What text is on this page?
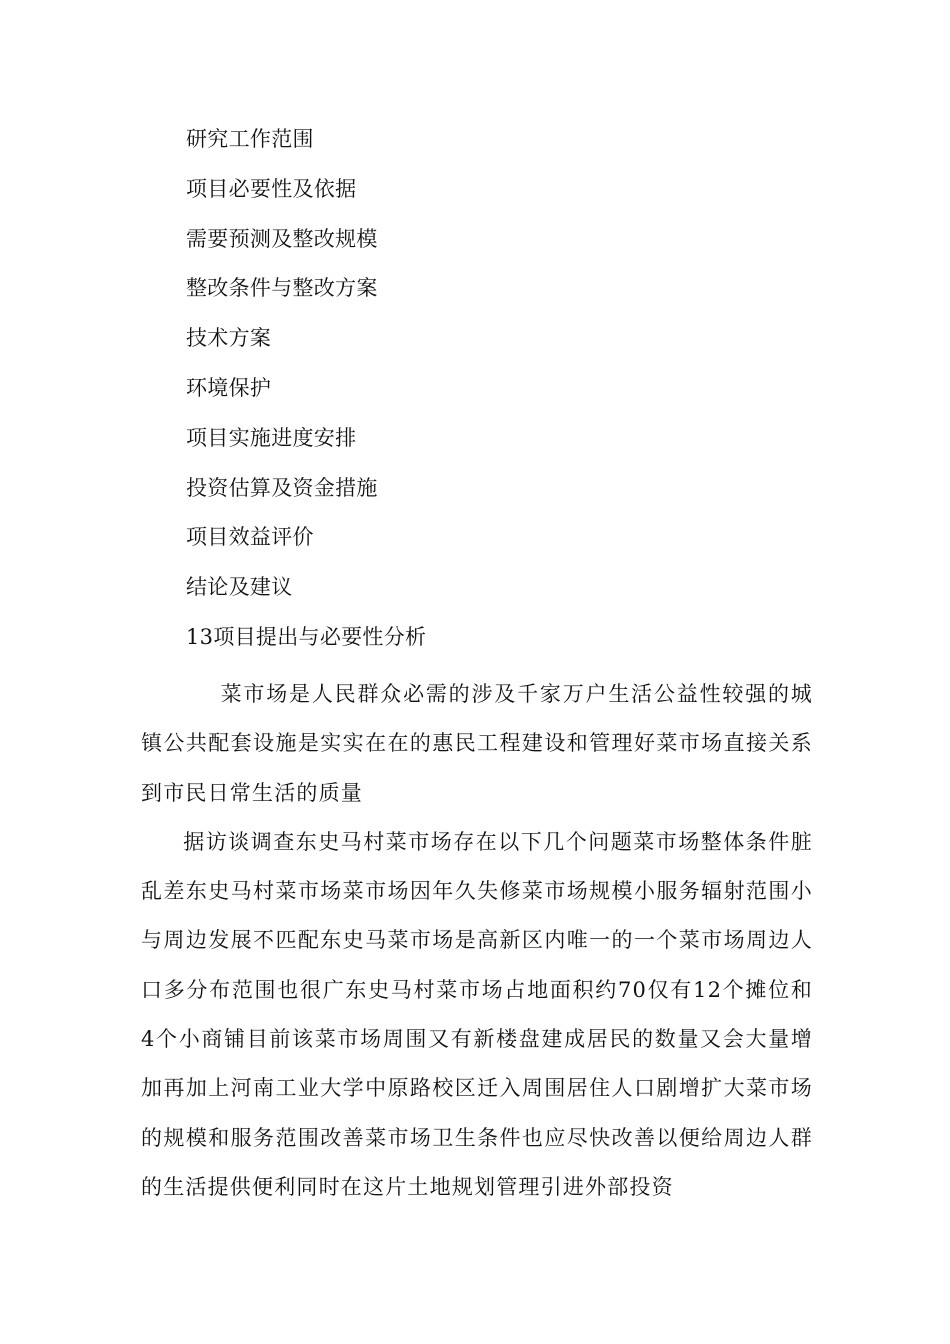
研究工作范围
项目必要性及依据
需要预测及整改规模
整改条件与整改方案
技术方案
环境保护
项目实施进度安排
投资估算及资金措施
项目效益评价
结论及建议
13项目提出与必要性分析

菜市场是人民群众必需的涉及千家万户生活公益性较强的城镇公共配套设施是实实在在的惠民工程建设和管理好菜市场直接关系到市民日常生活的质量

据访谈调查东史马村菜市场存在以下几个问题菜市场整体条件脏乱差东史马村菜市场菜市场因年久失修菜市场规模小服务辐射范围小与周边发展不匹配东史马菜市场是高新区内唯一的一个菜市场周边人口多分布范围也很广东史马村菜市场占地面积约70仅有12个摊位和4个小商铺目前该菜市场周围又有新楼盘建成居民的数量又会大量增加再加上河南工业大学中原路校区迁入周围居住人口剧增扩大菜市场的规模和服务范围改善菜市场卫生条件也应尽快改善以便给周边人群的生活提供便利同时在这片土地规划管理引进外部投资
